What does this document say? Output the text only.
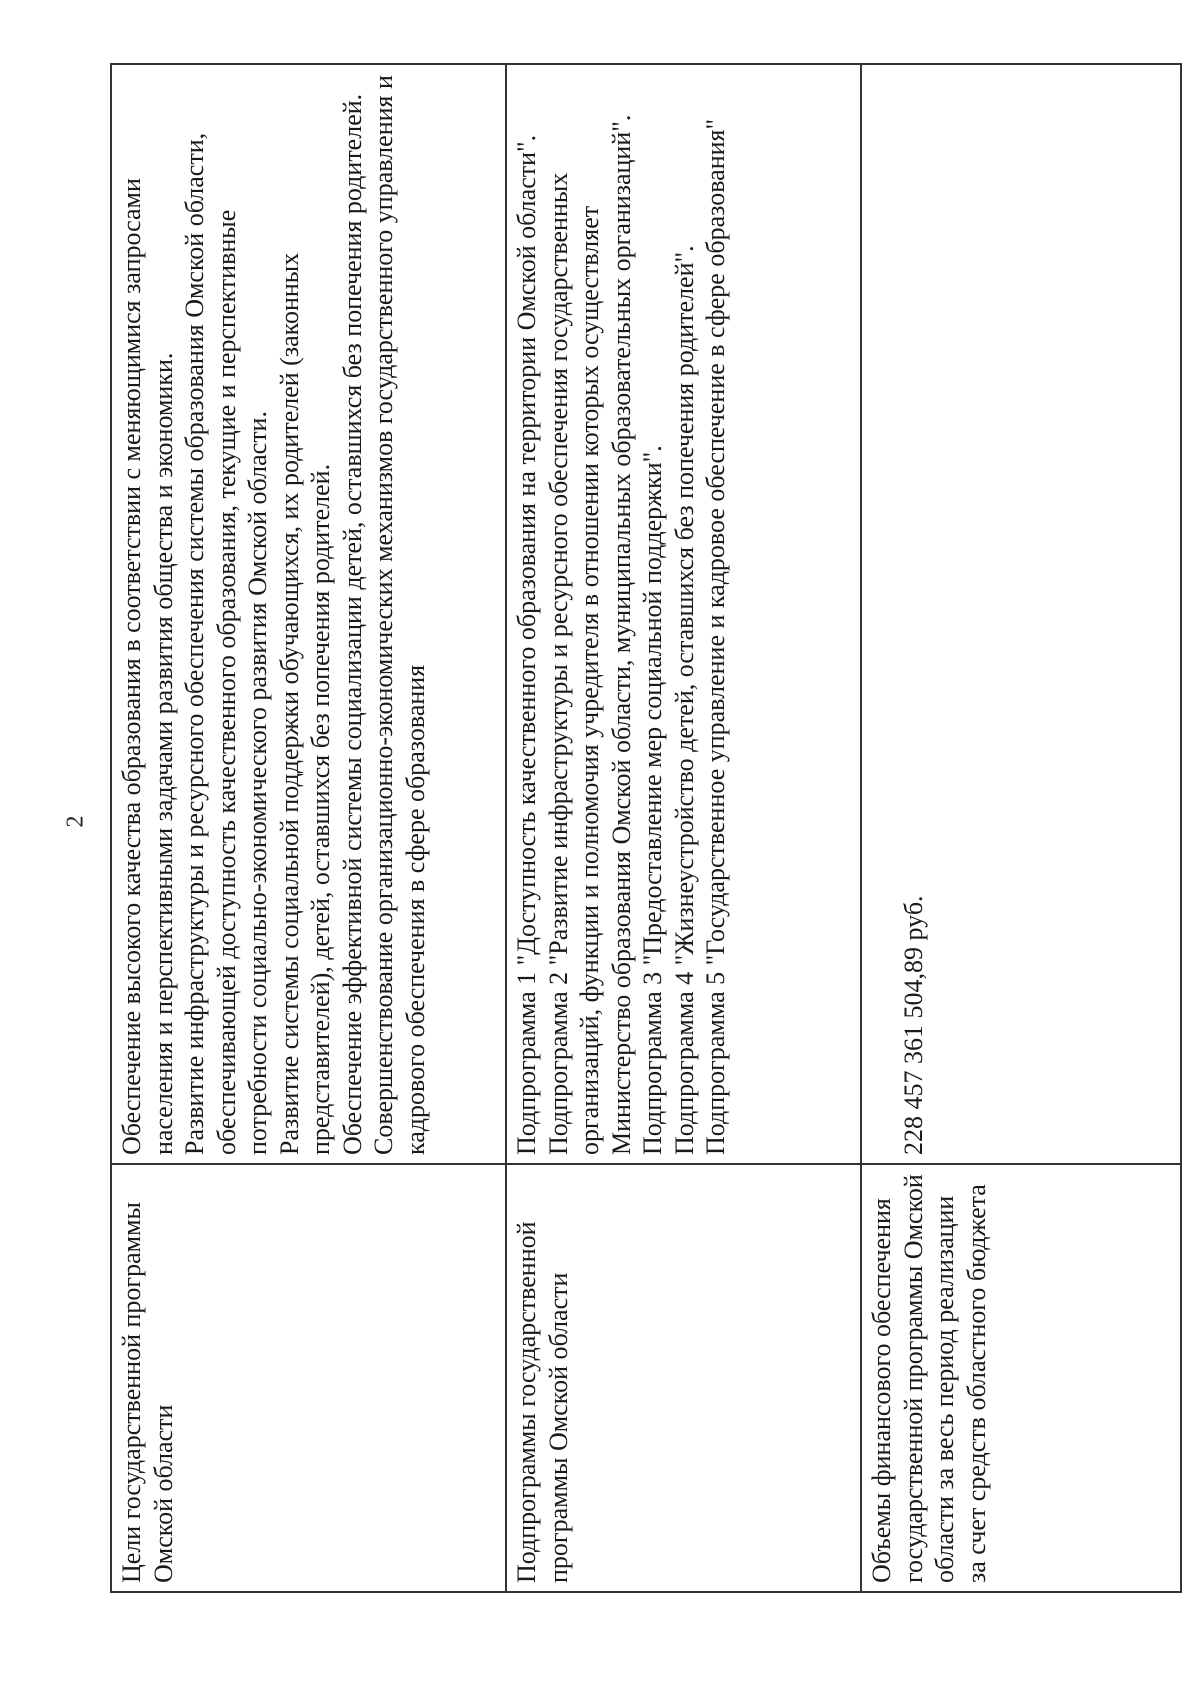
2
Цели государственной программы Омской области	Обеспечение высокого качества образования в соответствии с меняющимися запросами населения и перспективными задачами развития общества и экономики. Развитие инфраструктуры и ресурсного обеспечения системы образования Омской области, обеспечивающей доступность качественного образования, текущие и перспективные потребности социально-экономического развития Омской области. Развитие системы социальной поддержки обучающихся, их родителей (законных представителей), детей, оставшихся без попечения родителей. Обеспечение эффективной системы социализации детей, оставшихся без попечения родителей. Совершенствование организационно-экономических механизмов государственного управления и кадрового обеспечения в сфере образования

Подпрограммы государственной программы Омской области	Подпрограмма 1 "Доступность качественного образования на территории Омской области". Подпрограмма 2 "Развитие инфраструктуры и ресурсного обеспечения государственных организаций, функции и полномочия учредителя в отношении которых осуществляет Министерство образования Омской области, муниципальных образовательных организаций". Подпрограмма 3 "Предоставление мер социальной поддержки". Подпрограмма 4 "Жизнеустройство детей, оставшихся без попечения родителей". Подпрограмма 5 "Государственное управление и кадровое обеспечение в сфере образования"

Объемы финансового обеспечения государственной программы Омской области за весь период реализации за счет средств областного бюджета	228 457 361 504,89 руб.
